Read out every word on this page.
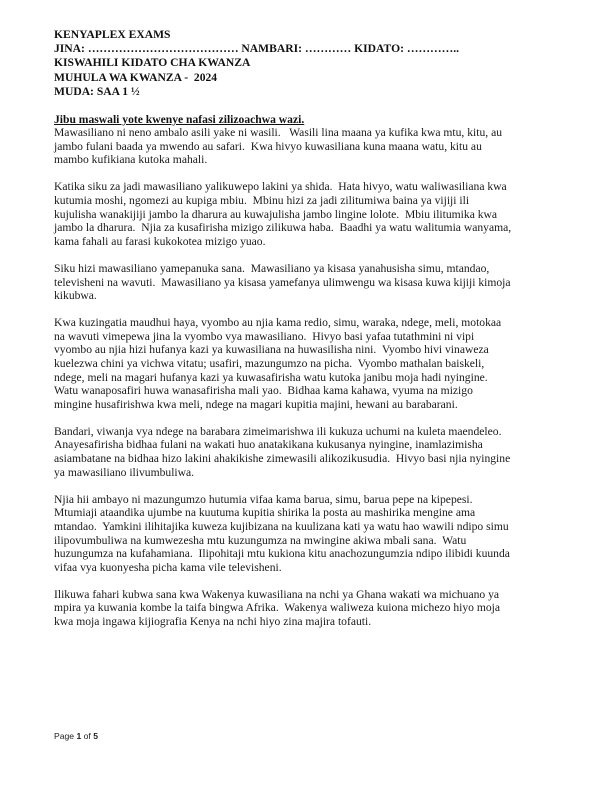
KENYAPLEX EXAMS
JINA: ………………………………… NAMBARI: ………… KIDATO: …………..
KISWAHILI KIDATO CHA KWANZA
MUHULA WA KWANZA -  2024
MUDA: SAA 1 ½
Jibu maswali yote kwenye nafasi zilizoachwa wazi.
Mawasiliano ni neno ambalo asili yake ni wasili.   Wasili lina maana ya kufika kwa mtu, kitu, au
jambo fulani baada ya mwendo au safari.  Kwa hivyo kuwasiliana kuna maana watu, kitu au
mambo kufikiana kutoka mahali.
Katika siku za jadi mawasiliano yalikuwepo lakini ya shida.  Hata hivyo, watu waliwasiliana kwa
kutumia moshi, ngomezi au kupiga mbiu.  Mbinu hizi za jadi zilitumiwa baina ya vijiji ili
kujulisha wanakijiji jambo la dharura au kuwajulisha jambo lingine lolote.  Mbiu ilitumika kwa
jambo la dharura.  Njia za kusafirisha mizigo zilikuwa haba.  Baadhi ya watu walitumia wanyama,
kama fahali au farasi kukokotea mizigo yuao.
Siku hizi mawasiliano yamepanuka sana.  Mawasiliano ya kisasa yanahusisha simu, mtandao,
televisheni na wavuti.  Mawasiliano ya kisasa yamefanya ulimwengu wa kisasa kuwa kijiji kimoja
kikubwa.
Kwa kuzingatia maudhui haya, vyombo au njia kama redio, simu, waraka, ndege, meli, motokaa
na wavuti vimepewa jina la vyombo vya mawasiliano.  Hivyo basi yafaa tutathmini ni vipi
vyombo au njia hizi hufanya kazi ya kuwasiliana na huwasilisha nini.  Vyombo hivi vinaweza
kuelezwa chini ya vichwa vitatu; usafiri, mazungumzo na picha.  Vyombo mathalan baiskeli,
ndege, meli na magari hufanya kazi ya kuwasafirisha watu kutoka janibu moja hadi nyingine.
Watu wanaposafiri huwa wanasafirisha mali yao.  Bidhaa kama kahawa, vyuma na mizigo
mingine husafirishwa kwa meli, ndege na magari kupitia majini, hewani au barabarani.
Bandari, viwanja vya ndege na barabara zimeimarishwa ili kukuza uchumi na kuleta maendeleo.
Anayesafirisha bidhaa fulani na wakati huo anatakikana kukusanya nyingine, inamlazimisha
asiambatane na bidhaa hizo lakini ahakikishe zimewasili alikozikusudia.  Hivyo basi njia nyingine
ya mawasiliano ilivumbuliwa.
Njia hii ambayo ni mazungumzo hutumia vifaa kama barua, simu, barua pepe na kipepesi.
Mtumiaji ataandika ujumbe na kuutuma kupitia shirika la posta au mashirika mengine ama
mtandao.  Yamkini ilihitajika kuweza kujibizana na kuulizana kati ya watu hao wawili ndipo simu
ilipovumbuliwa na kumwezesha mtu kuzungumza na mwingine akiwa mbali sana.  Watu
huzungumza na kufahamiana.  Ilipohitaji mtu kukiona kitu anachozungumzia ndipo ilibidi kuunda
vifaa vya kuonyesha picha kama vile televisheni.
Ilikuwa fahari kubwa sana kwa Wakenya kuwasiliana na nchi ya Ghana wakati wa michuano ya
mpira ya kuwania kombe la taifa bingwa Afrika.  Wakenya waliweza kuiona michezo hiyo moja
kwa moja ingawa kijiografia Kenya na nchi hiyo zina majira tofauti.
Page 1 of 5
